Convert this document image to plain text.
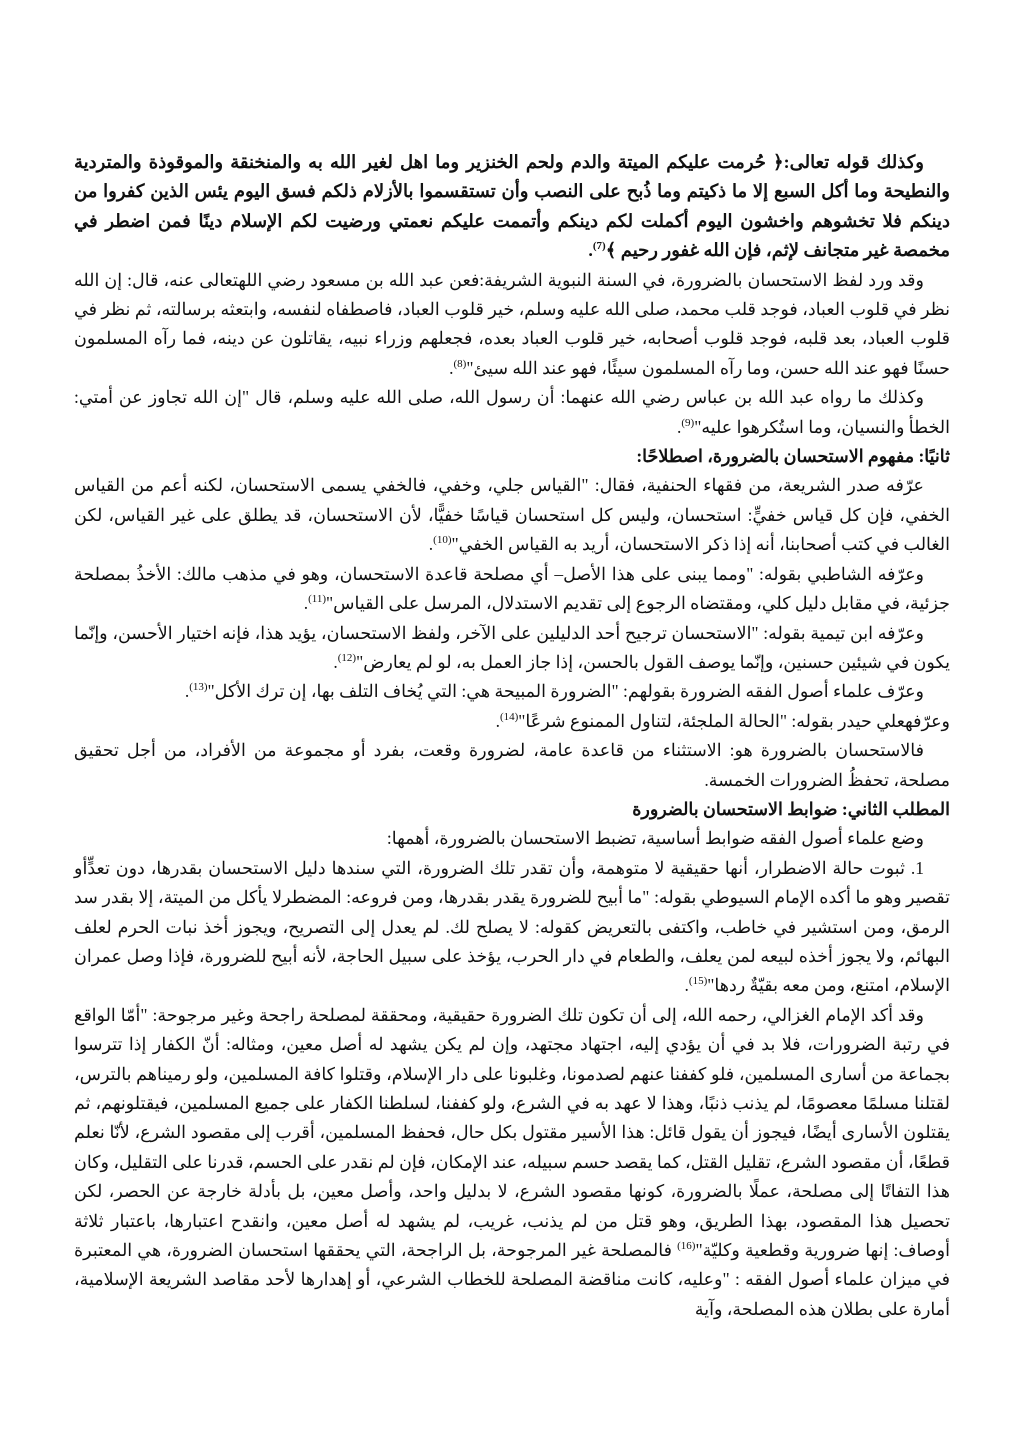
وكذلك قوله تعالى:﴿ حُرمت عليكم الميتة والدم ولحم الخنزير وما اهل لغير الله به والمنخنقة والموقوذة والمتردية والنطيحة وما أكل السبع إلا ما ذكيتم وما ذُبح على النصب وأن تستقسموا بالأزلام ذلكم فسق اليوم يئس الذين كفروا من دينكم فلا تخشوهم واخشون اليوم أكملت لكم دينكم وأتممت عليكم نعمتي ورضيت لكم الإسلام دينًا فمن اضطر في مخمصة غير متجانف لإثم، فإن الله غفور رحيم ﴾$^{(7)}$.

وقد ورد لفظ الاستحسان بالضرورة، في السنة النبوية الشريفة:فعن عبد الله بن مسعود رضي اللهتعالى عنه، قال: إن الله نظر في قلوب العباد، فوجد قلب محمد، صلى الله عليه وسلم، خير قلوب العباد، فاصطفاه لنفسه، وابتعثه برسالته، ثم نظر في قلوب العباد، بعد قلبه، فوجد قلوب أصحابه، خير قلوب العباد بعده، فجعلهم وزراء نبيه، يقاتلون عن دينه، فما رآه المسلمون حسنًا فهو عند الله حسن، وما رآه المسلمون سيئًا، فهو عند الله سيئ"$^{(8)}$.

وكذلك ما رواه عبد الله بن عباس رضي الله عنهما: أن رسول الله، صلى الله عليه وسلم، قال "إن الله تجاوز عن أمتي: الخطأ والنسيان، وما استُكرهوا عليه"$^{(9)}$.

ثانيًا: مفهوم الاستحسان بالضرورة، اصطلاحًا:

عرّفه صدر الشريعة، من فقهاء الحنفية، فقال: "القياس جلي، وخفي، فالخفي يسمى الاستحسان، لكنه أعم من القياس الخفي، فإن كل قياس خفيٍّ: استحسان، وليس كل استحسان قياسًا خفيًّا، لأن الاستحسان، قد يطلق على غير القياس، لكن الغالب في كتب أصحابنا، أنه إذا ذكر الاستحسان، أريد به القياس الخفي"$^{(10)}$.

وعرّفه الشاطبي بقوله: "ومما يبنى على هذا الأصل– أي مصلحة قاعدة الاستحسان، وهو في مذهب مالك: الأخذُ بمصلحة جزئية، في مقابل دليل كلي، ومقتضاه الرجوع إلى تقديم الاستدلال، المرسل على القياس"$^{(11)}$.

وعرّفه ابن تيمية بقوله: "الاستحسان ترجيح أحد الدليلين على الآخر، ولفظ الاستحسان، يؤيد هذا، فإنه اختيار الأحسن، وإنّما يكون في شيئين حسنين، وإنّما يوصف القول بالحسن، إذا جاز العمل به، لو لم يعارض"$^{(12)}$.

وعرّف علماء أصول الفقه الضرورة بقولهم: "الضرورة المبيحة هي: التي يُخاف التلف بها، إن ترك الأكل"$^{(13)}$.

وعرّفهعلي حيدر بقوله: "الحالة الملجئة، لتناول الممنوع شرعًا"$^{(14)}$.

فالاستحسان بالضرورة هو: الاستثناء من قاعدة عامة، لضرورة وقعت، بفرد أو مجموعة من الأفراد، من أجل تحقيق مصلحة، تحفظُ الضرورات الخمسة.

المطلب الثاني: ضوابط الاستحسان بالضرورة

وضع علماء أصول الفقه ضوابط أساسية، تضبط الاستحسان بالضرورة، أهمها:

1. ثبوت حالة الاضطرار، أنها حقيقية لا متوهمة، وأن تقدر تلك الضرورة، التي سندها دليل الاستحسان بقدرها، دون تعدٍّأو تقصير وهو ما أكده الإمام السيوطي بقوله: "ما أبيح للضرورة يقدر بقدرها، ومن فروعه: المضطرلا يأكل من الميتة، إلا بقدر سد الرمق، ومن استشير في خاطب، واكتفى بالتعريض كقوله: لا يصلح لك. لم يعدل إلى التصريح، ويجوز أخذ نبات الحرم لعلف البهائم، ولا يجوز أخذه لبيعه لمن يعلف، والطعام في دار الحرب، يؤخذ على سبيل الحاجة، لأنه أبيح للضرورة، فإذا وصل عمران الإسلام، امتنع، ومن معه بقيّةٌ ردها"$^{(15)}$.

وقد أكد الإمام الغزالي، رحمه الله، إلى أن تكون تلك الضرورة حقيقية، ومحققة لمصلحة راجحة وغير مرجوحة: "أمّا الواقع في رتبة الضرورات، فلا بد في أن يؤدي إليه، اجتهاد مجتهد، وإن لم يكن يشهد له أصل معين، ومثاله: أنّ الكفار إذا تترسوا بجماعة من أسارى المسلمين، فلو كففنا عنهم لصدمونا، وغلبونا على دار الإسلام، وقتلوا كافة المسلمين، ولو رميناهم بالترس، لقتلنا مسلمًا معصومًا، لم يذنب ذنبًا، وهذا لا عهد به في الشرع، ولو كففنا، لسلطنا الكفار على جميع المسلمين، فيقتلونهم، ثم يقتلون الأسارى أيضًا، فيجوز أن يقول قائل: هذا الأسير مقتول بكل حال، فحفظ المسلمين، أقرب إلى مقصود الشرع، لأنّا نعلم قطعًا، أن مقصود الشرع، تقليل القتل، كما يقصد حسم سبيله، عند الإمكان، فإن لم نقدر على الحسم، قدرنا على التقليل، وكان هذا التفاتًا إلى مصلحة، عملًا بالضرورة، كونها مقصود الشرع، لا بدليل واحد، وأصل معين، بل بأدلة خارجة عن الحصر، لكن تحصيل هذا المقصود، بهذا الطريق، وهو قتل من لم يذنب، غريب، لم يشهد له أصل معين، وانقدح اعتبارها، باعتبار ثلاثة أوصاف: إنها ضرورية وقطعية وكليّة"$^{(16)}$ فالمصلحة غير المرجوحة، بل الراجحة، التي يحققها استحسان الضرورة، هي المعتبرة في ميزان علماء أصول الفقه : "وعليه، كانت مناقضة المصلحة للخطاب الشرعي، أو إهدارها لأحد مقاصد الشريعة الإسلامية، أمارة على بطلان هذه المصلحة، وآية
